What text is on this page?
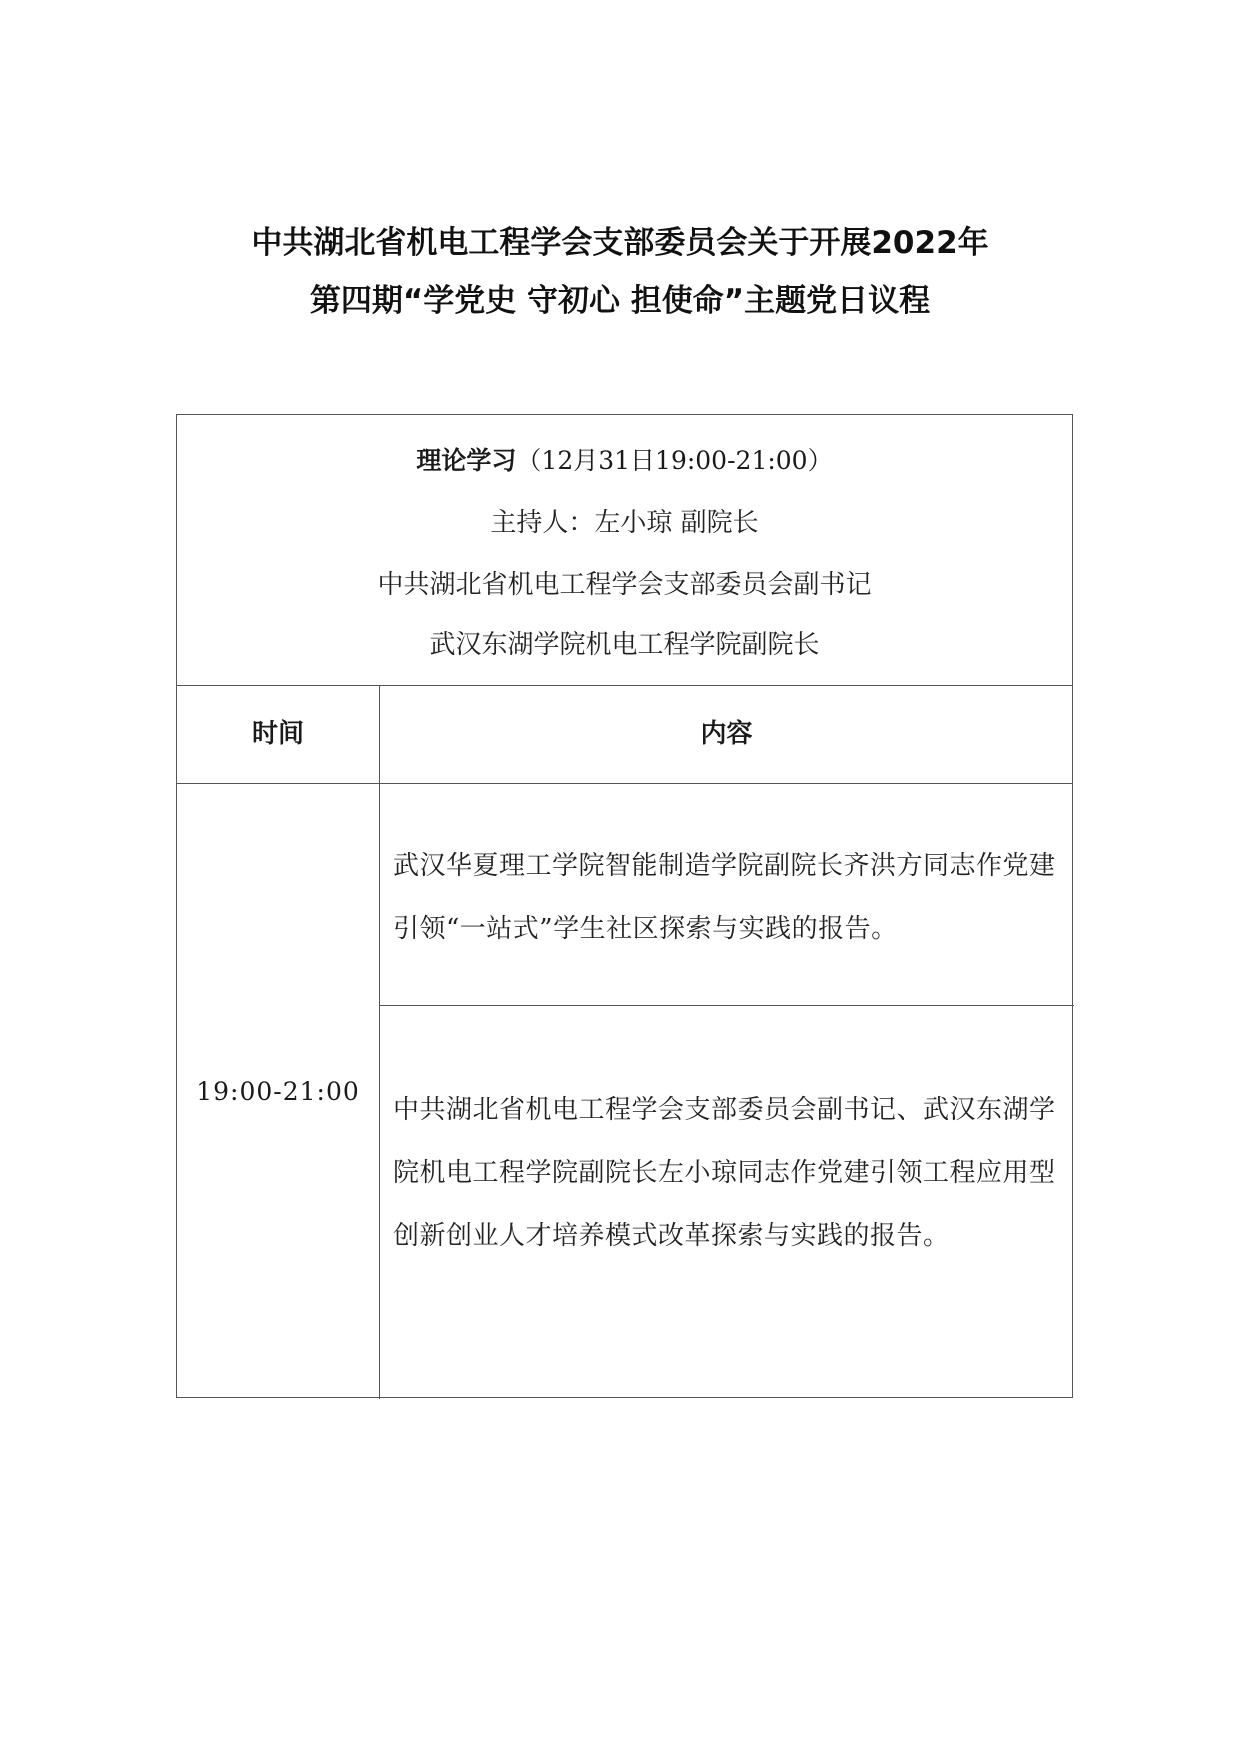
中共湖北省机电工程学会支部委员会关于开展2022年
第四期“学党史 守初心 担使命”主题党日议程
理论学习（12月31日19:00-21:00）
主持人：左小琼 副院长
中共湖北省机电工程学会支部委员会副书记
武汉东湖学院机电工程学院副院长
时间	内容
19:00-21:00
武汉华夏理工学院智能制造学院副院长齐洪方同志作党建引领“一站式”学生社区探索与实践的报告。
中共湖北省机电工程学会支部委员会副书记、武汉东湖学院机电工程学院副院长左小琼同志作党建引领工程应用型创新创业人才培养模式改革探索与实践的报告。
